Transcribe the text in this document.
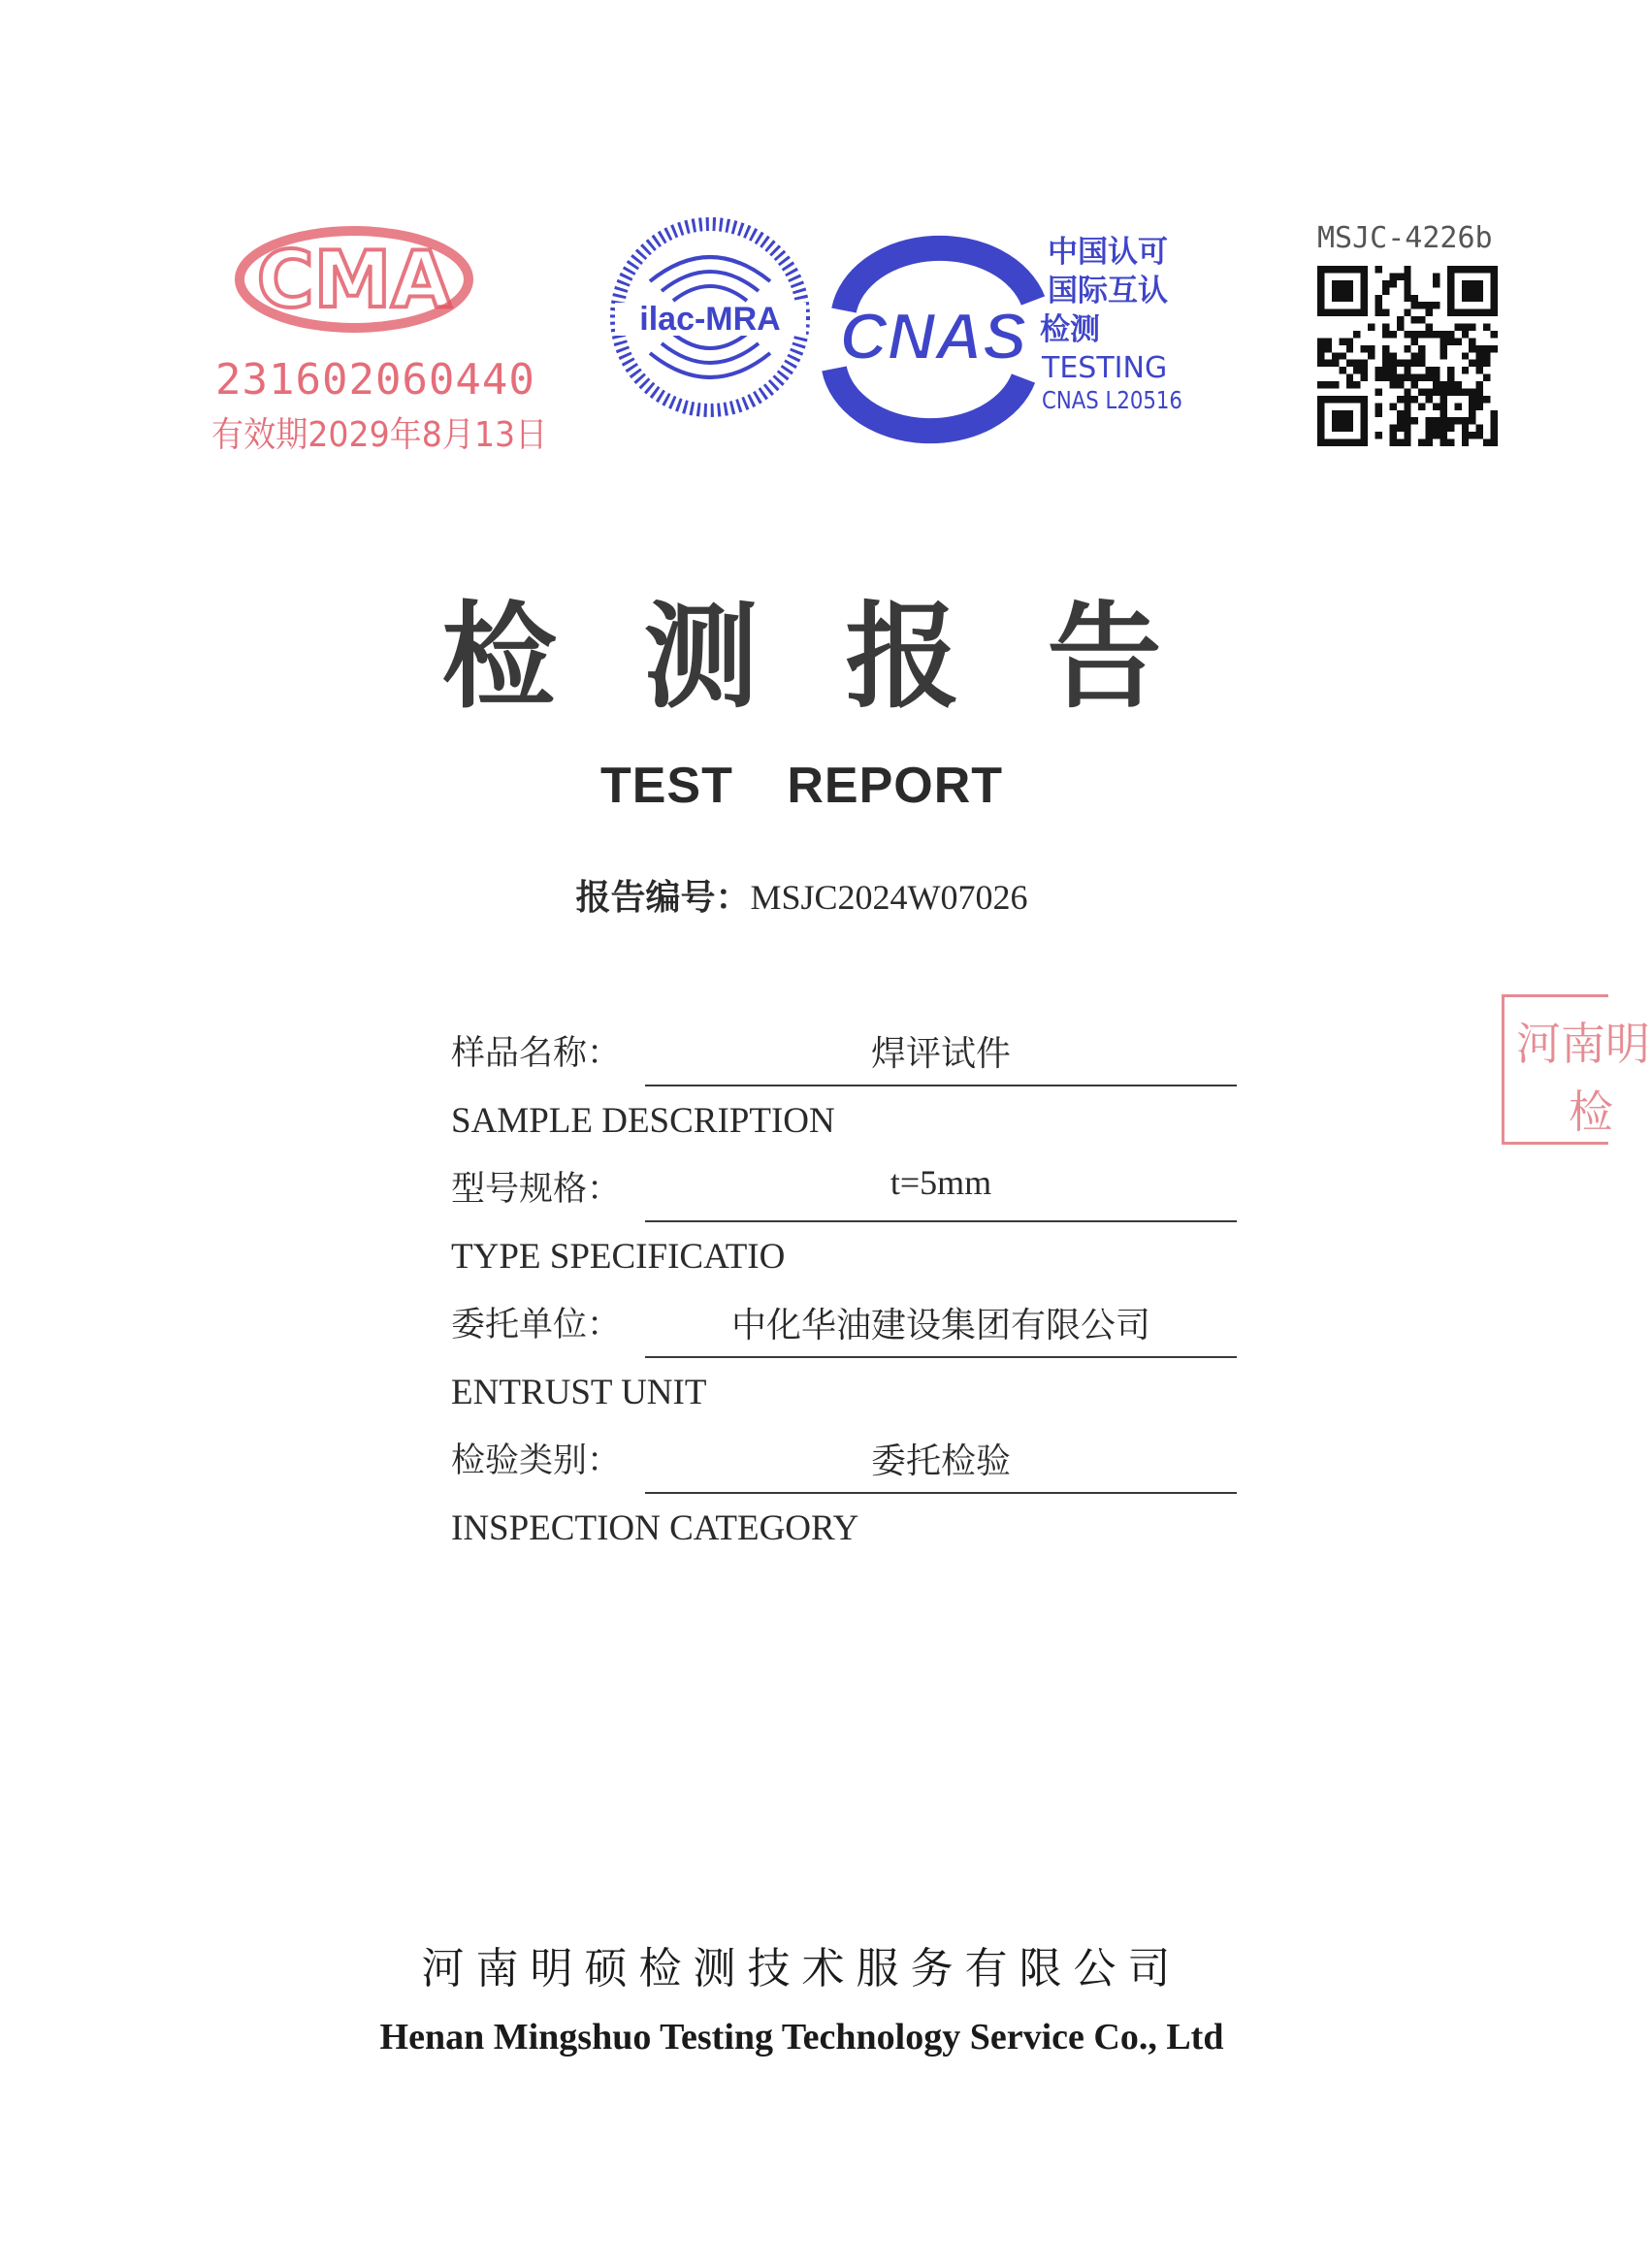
CMA
231602060440
有效期2029年8月13日
ilac-MRA CNAS
中国认可
国际互认
检测
TESTING
CNAS L20516
MSJC-4226b
检测报告
TEST REPORT
报告编号：MSJC2024W07026
样品名称：	焊评试件
SAMPLE DESCRIPTION
型号规格：	t=5mm
TYPE SPECIFICATIO
委托单位：	中化华油建设集团有限公司
ENTRUST UNIT
检验类别：	委托检验
INSPECTION CATEGORY
河南明
检
河南明硕检测技术服务有限公司
Henan Mingshuo Testing Technology Service Co., Ltd
